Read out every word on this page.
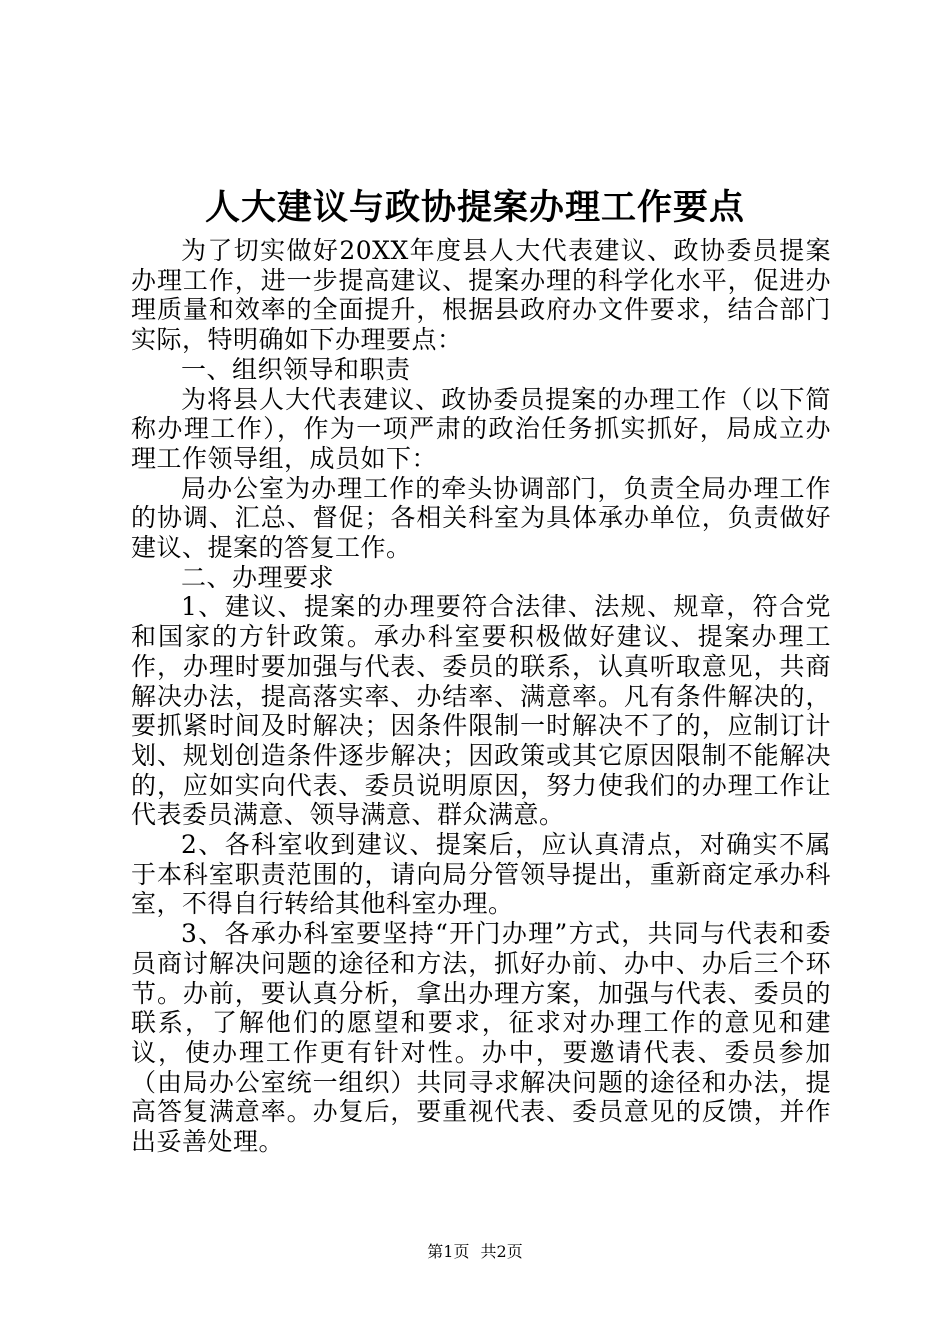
人大建议与政协提案办理工作要点

为了切实做好20XX年度县人大代表建议、政协委员提案办理工作，进一步提高建议、提案办理的科学化水平，促进办理质量和效率的全面提升，根据县政府办文件要求，结合部门实际，特明确如下办理要点：

一、组织领导和职责

为将县人大代表建议、政协委员提案的办理工作（以下简称办理工作），作为一项严肃的政治任务抓实抓好，局成立办理工作领导组，成员如下：

局办公室为办理工作的牵头协调部门，负责全局办理工作的协调、汇总、督促；各相关科室为具体承办单位，负责做好建议、提案的答复工作。

二、办理要求

1、建议、提案的办理要符合法律、法规、规章，符合党和国家的方针政策。承办科室要积极做好建议、提案办理工作，办理时要加强与代表、委员的联系，认真听取意见，共商解决办法，提高落实率、办结率、满意率。凡有条件解决的，要抓紧时间及时解决；因条件限制一时解决不了的，应制订计划、规划创造条件逐步解决；因政策或其它原因限制不能解决的，应如实向代表、委员说明原因，努力使我们的办理工作让代表委员满意、领导满意、群众满意。

2、各科室收到建议、提案后，应认真清点，对确实不属于本科室职责范围的，请向局分管领导提出，重新商定承办科室，不得自行转给其他科室办理。

3、各承办科室要坚持“开门办理”方式，共同与代表和委员商讨解决问题的途径和方法，抓好办前、办中、办后三个环节。办前，要认真分析，拿出办理方案，加强与代表、委员的联系，了解他们的愿望和要求，征求对办理工作的意见和建议，使办理工作更有针对性。办中，要邀请代表、委员参加（由局办公室统一组织）共同寻求解决问题的途径和办法，提高答复满意率。办复后，要重视代表、委员意见的反馈，并作出妥善处理。

第1页 共2页
